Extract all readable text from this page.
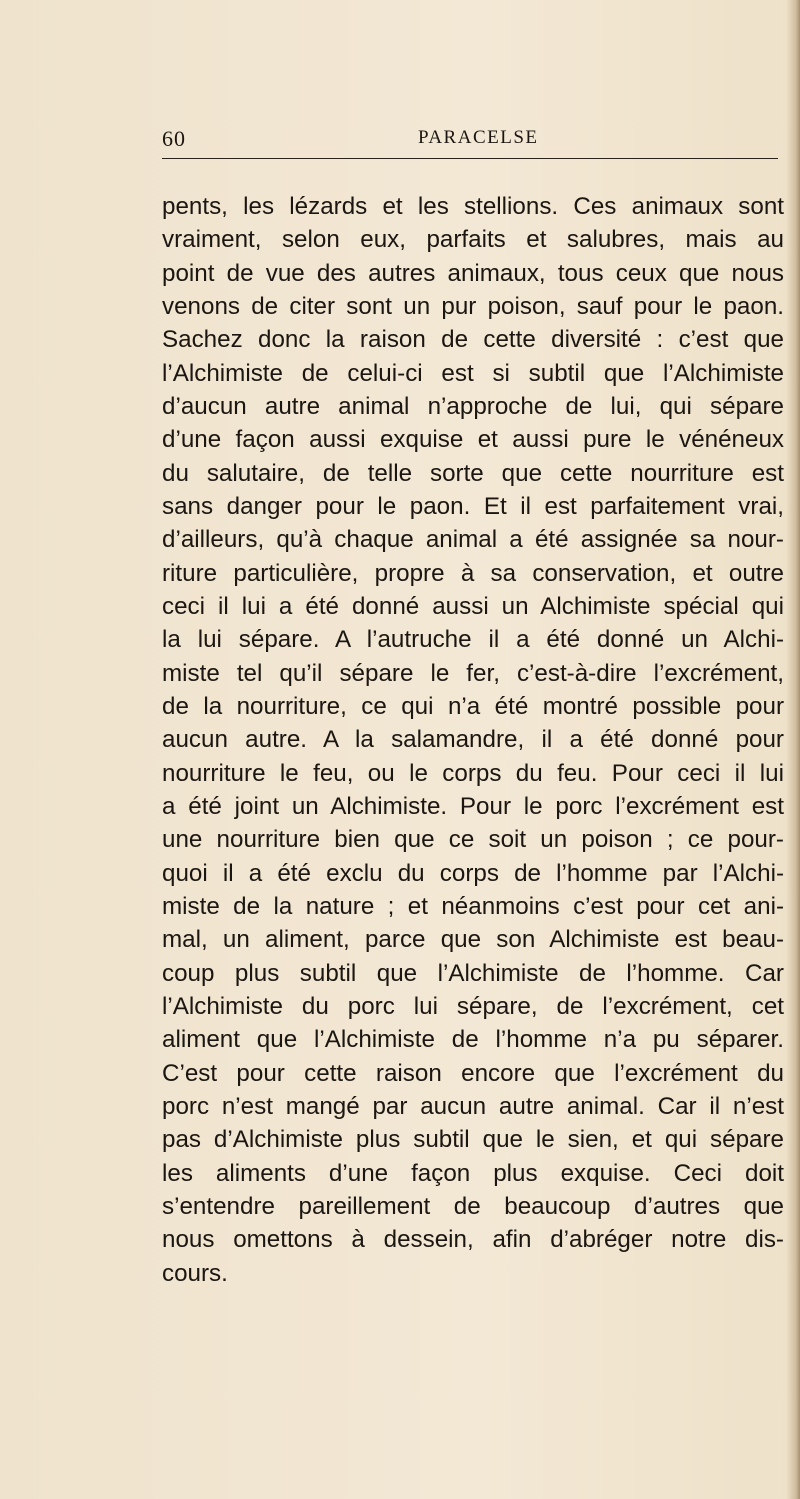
60	PARACELSE
pents, les lézards et les stellions. Ces animaux sont
vraiment, selon eux, parfaits et salubres, mais au
point de vue des autres animaux, tous ceux que nous
venons de citer sont un pur poison, sauf pour le paon.
Sachez donc la raison de cette diversité : c’est que
l’Alchimiste de celui-ci est si subtil que l’Alchimiste
d’aucun autre animal n’approche de lui, qui sépare
d’une façon aussi exquise et aussi pure le vénéneux
du salutaire, de telle sorte que cette nourriture est
sans danger pour le paon. Et il est parfaitement vrai,
d’ailleurs, qu’à chaque animal a été assignée sa nour-
riture particulière, propre à sa conservation, et outre
ceci il lui a été donné aussi un Alchimiste spécial qui
la lui sépare. A l’autruche il a été donné un Alchi-
miste tel qu’il sépare le fer, c’est-à-dire l’excrément,
de la nourriture, ce qui n’a été montré possible pour
aucun autre. A la salamandre, il a été donné pour
nourriture le feu, ou le corps du feu. Pour ceci il lui
a été joint un Alchimiste. Pour le porc l’excrément est
une nourriture bien que ce soit un poison ; ce pour-
quoi il a été exclu du corps de l’homme par l’Alchi-
miste de la nature ; et néanmoins c’est pour cet ani-
mal, un aliment, parce que son Alchimiste est beau-
coup plus subtil que l’Alchimiste de l’homme. Car
l’Alchimiste du porc lui sépare, de l’excrément, cet
aliment que l’Alchimiste de l’homme n’a pu séparer.
C’est pour cette raison encore que l’excrément du
porc n’est mangé par aucun autre animal. Car il n’est
pas d’Alchimiste plus subtil que le sien, et qui sépare
les aliments d’une façon plus exquise. Ceci doit
s’entendre pareillement de beaucoup d’autres que
nous omettons à dessein, afin d’abréger notre dis-
cours.
